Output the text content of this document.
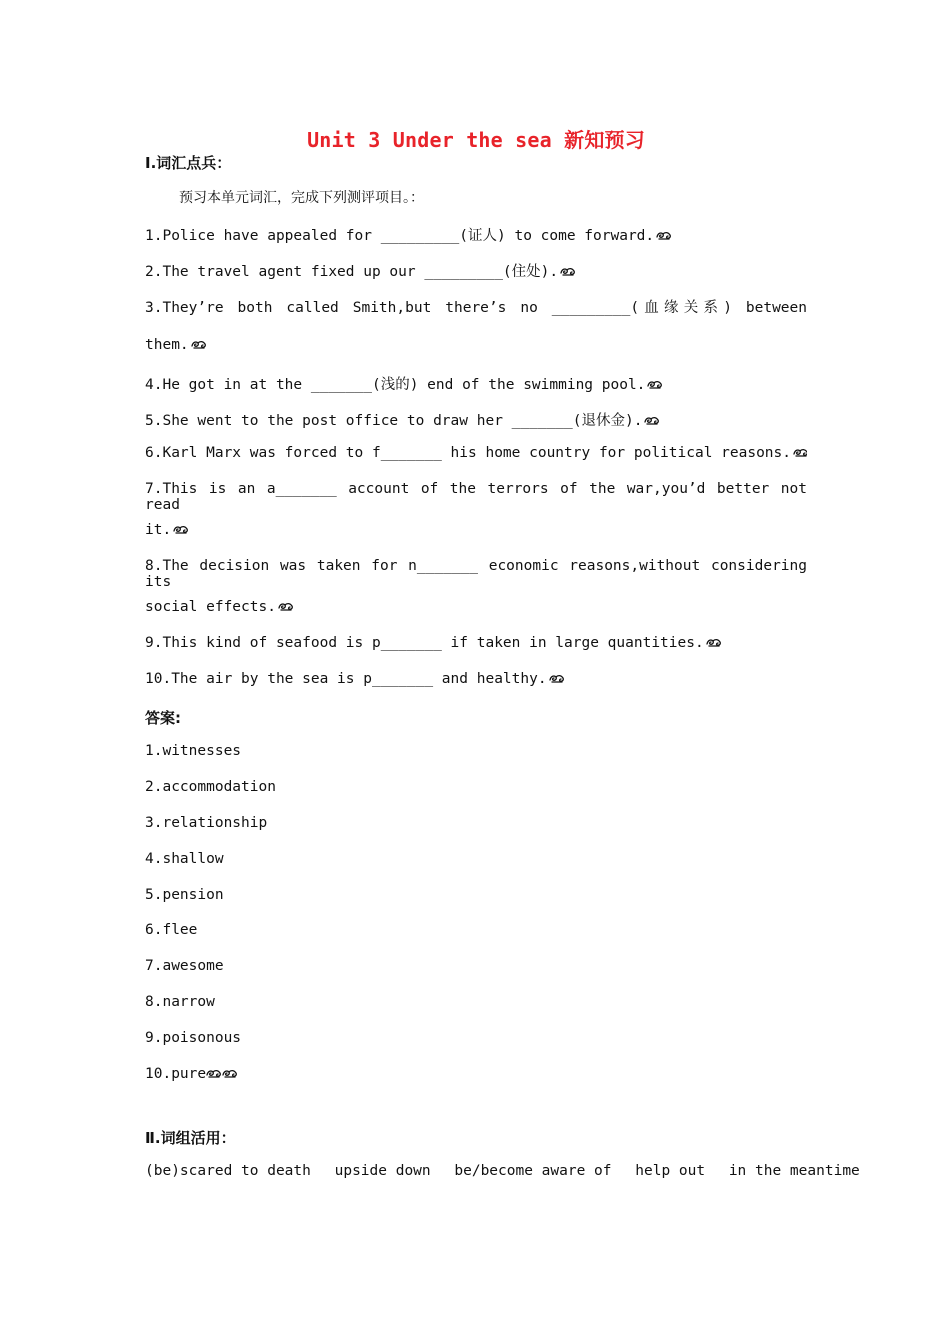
Unit 3 Under the sea 新知预习
Ⅰ.词汇点兵：
预习本单元词汇，完成下列测评项目。：
1.Police have appealed for _________(证人) to come forward.
2.The travel agent fixed up our _________(住处).
3.They’re both called Smith,but there’s no _________(血缘关系) between
them.
4.He got in at the _______(浅的) end of the swimming pool.
5.She went to the post office to draw her _______(退休金).
6.Karl Marx was forced to f_______ his home country for political reasons.
7.This is an a_______ account of the terrors of the war,you’d better not read
it.
8.The decision was taken for n_______ economic reasons,without considering its
social effects.
9.This kind of seafood is p_______ if taken in large quantities.
10.The air by the sea is p_______ and healthy.
答案:
1.witnesses
2.accommodation
3.relationship
4.shallow
5.pension
6.flee
7.awesome
8.narrow
9.poisonous
10.pure
Ⅱ.词组活用：
(be)scared to death upside down be/become aware of help out in the meantime
